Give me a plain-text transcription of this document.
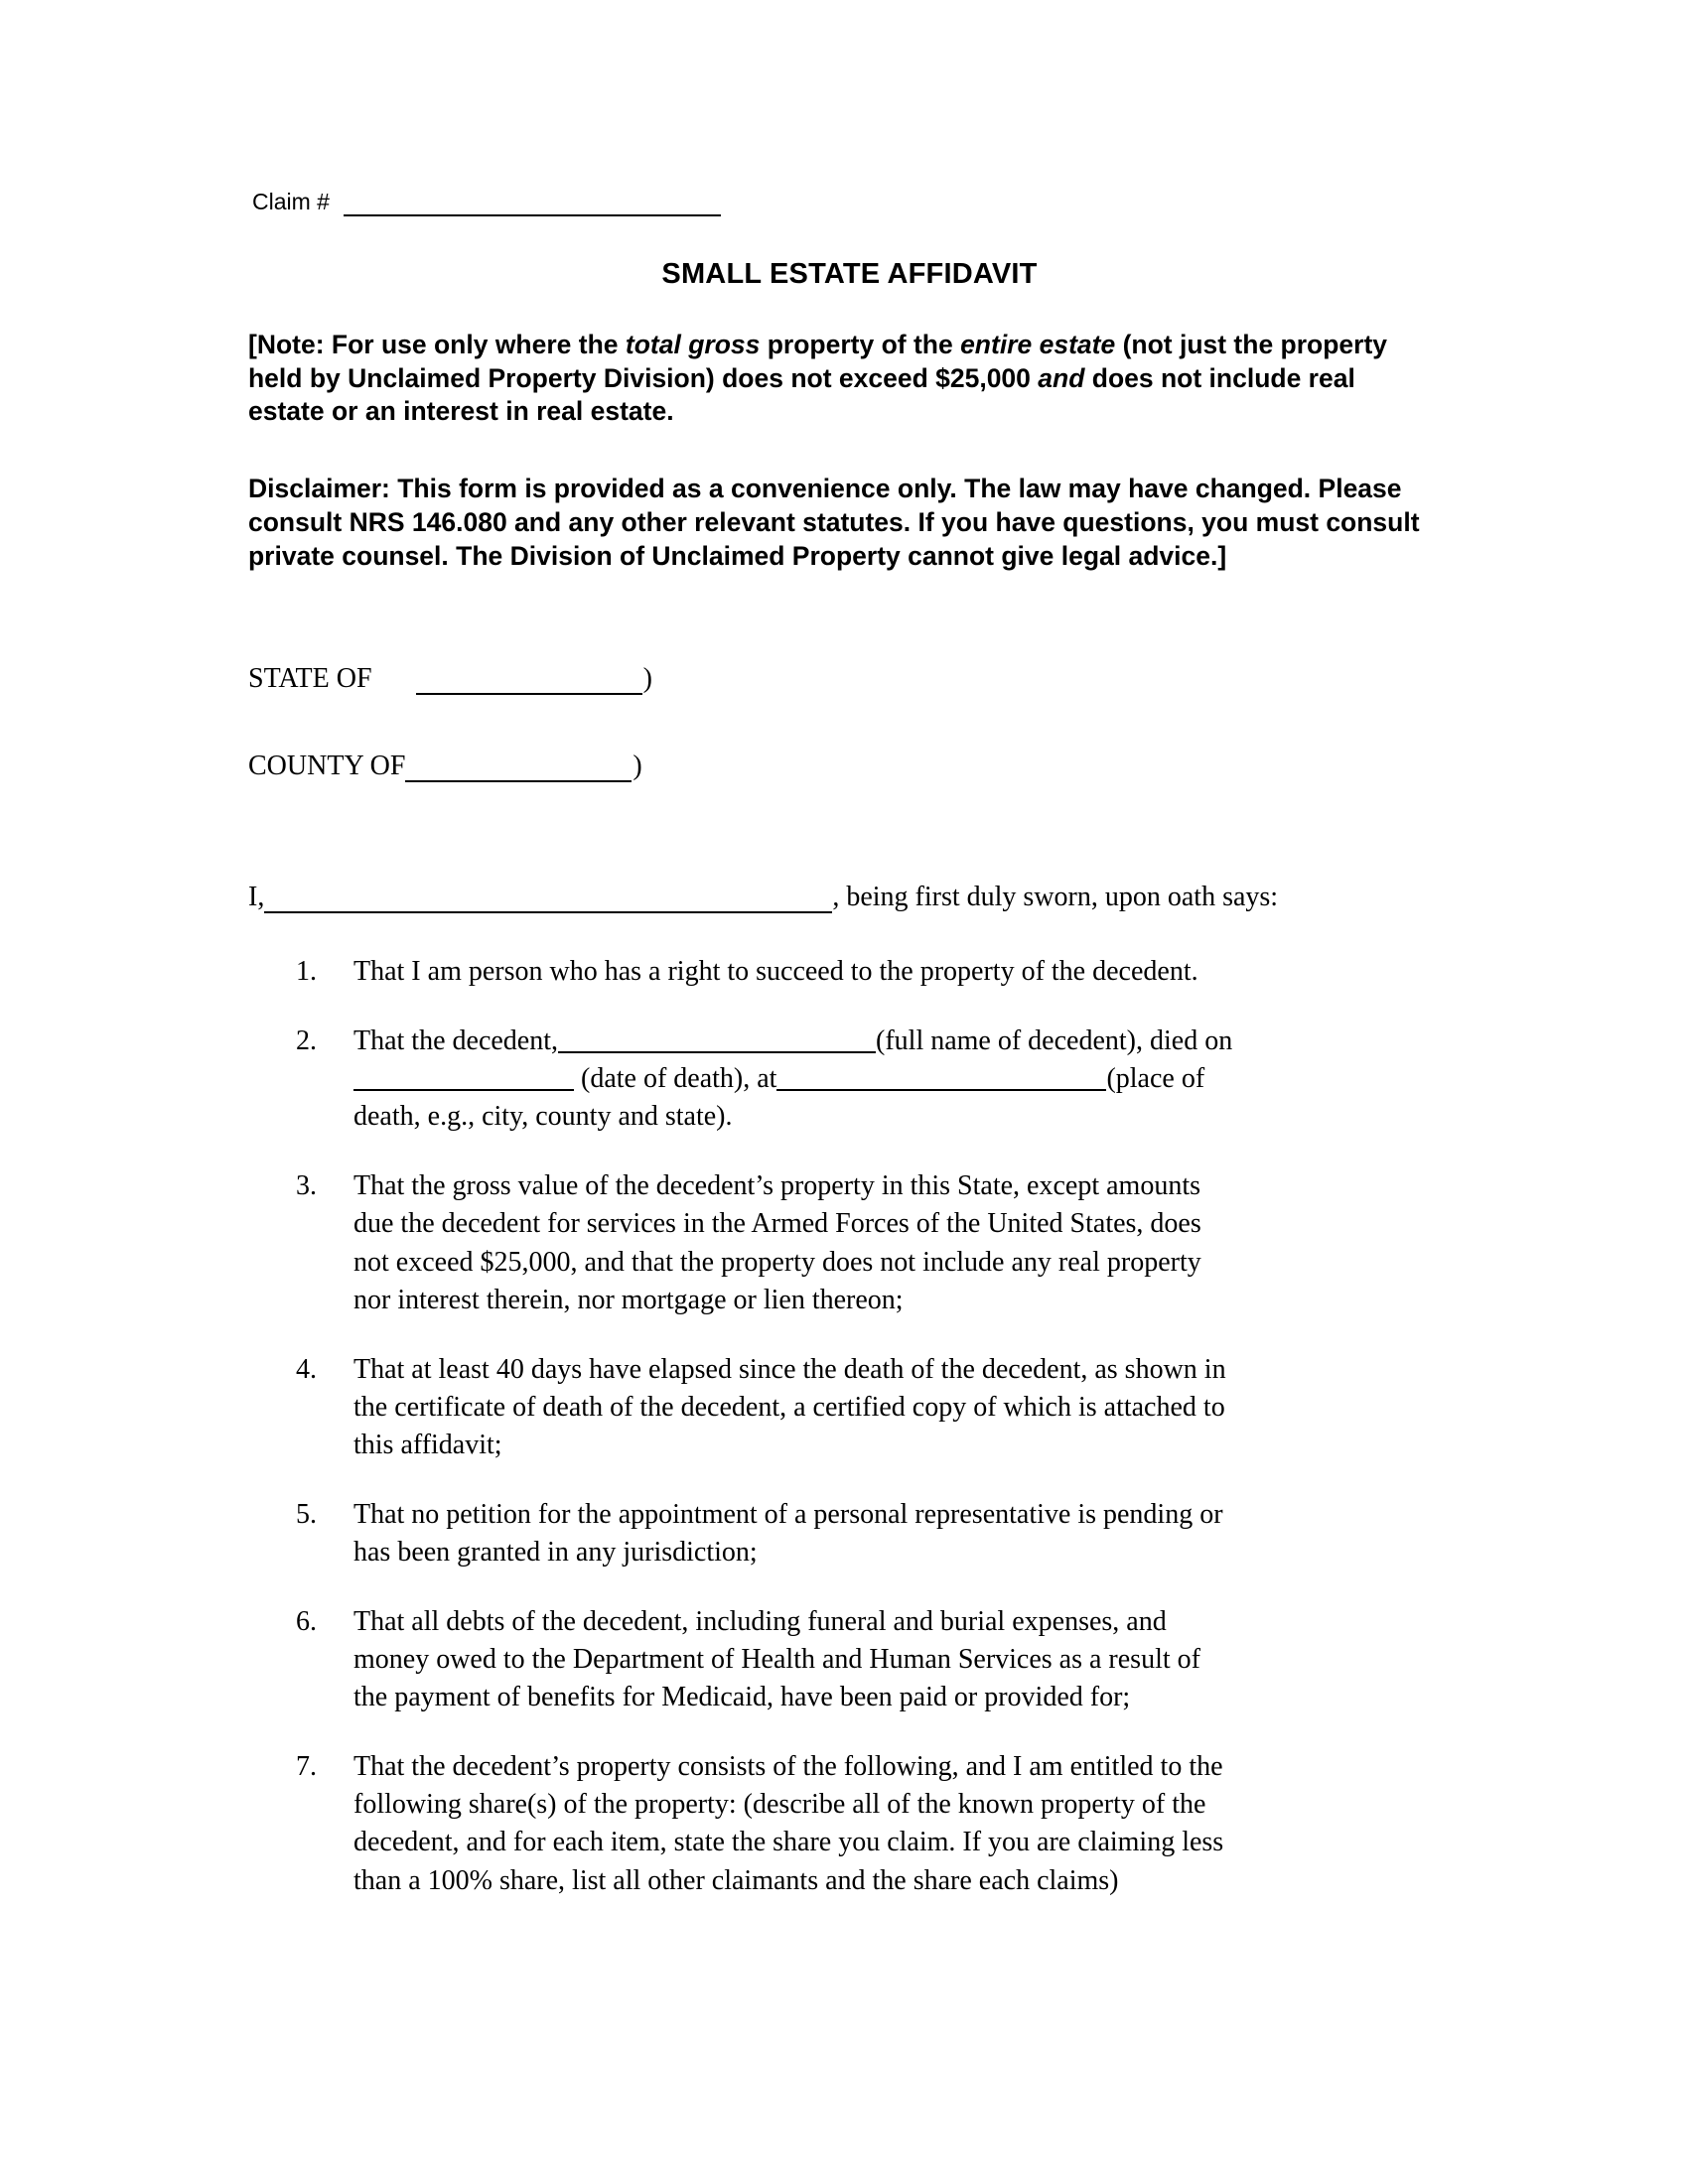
Claim #
SMALL ESTATE AFFIDAVIT
[Note: For use only where the total gross property of the entire estate (not just the property held by Unclaimed Property Division) does not exceed $25,000 and does not include real estate or an interest in real estate.
Disclaimer: This form is provided as a convenience only. The law may have changed. Please consult NRS 146.080 and any other relevant statutes. If you have questions, you must consult private counsel. The Division of Unclaimed Property cannot give legal advice.]
STATE OF	)
COUNTY OF	)
I,	, being first duly sworn, upon oath says:
1.	That I am person who has a right to succeed to the property of the decedent.
2.	That the decedent,	(full name of decedent), died on
(date of death), at	(place of
death, e.g., city, county and state).
3.	That the gross value of the decedent’s property in this State, except amounts
due the decedent for services in the Armed Forces of the United States, does
not exceed $25,000, and that the property does not include any real property
nor interest therein, nor mortgage or lien thereon;
4.	That at least 40 days have elapsed since the death of the decedent, as shown in
the certificate of death of the decedent, a certified copy of which is attached to
this affidavit;
5.	That no petition for the appointment of a personal representative is pending or
has been granted in any jurisdiction;
6.	That all debts of the decedent, including funeral and burial expenses, and
money owed to the Department of Health and Human Services as a result of
the payment of benefits for Medicaid, have been paid or provided for;
7.	That the decedent’s property consists of the following, and I am entitled to the
following share(s) of the property: (describe all of the known property of the
decedent, and for each item, state the share you claim. If you are claiming less
than a 100% share, list all other claimants and the share each claims)
